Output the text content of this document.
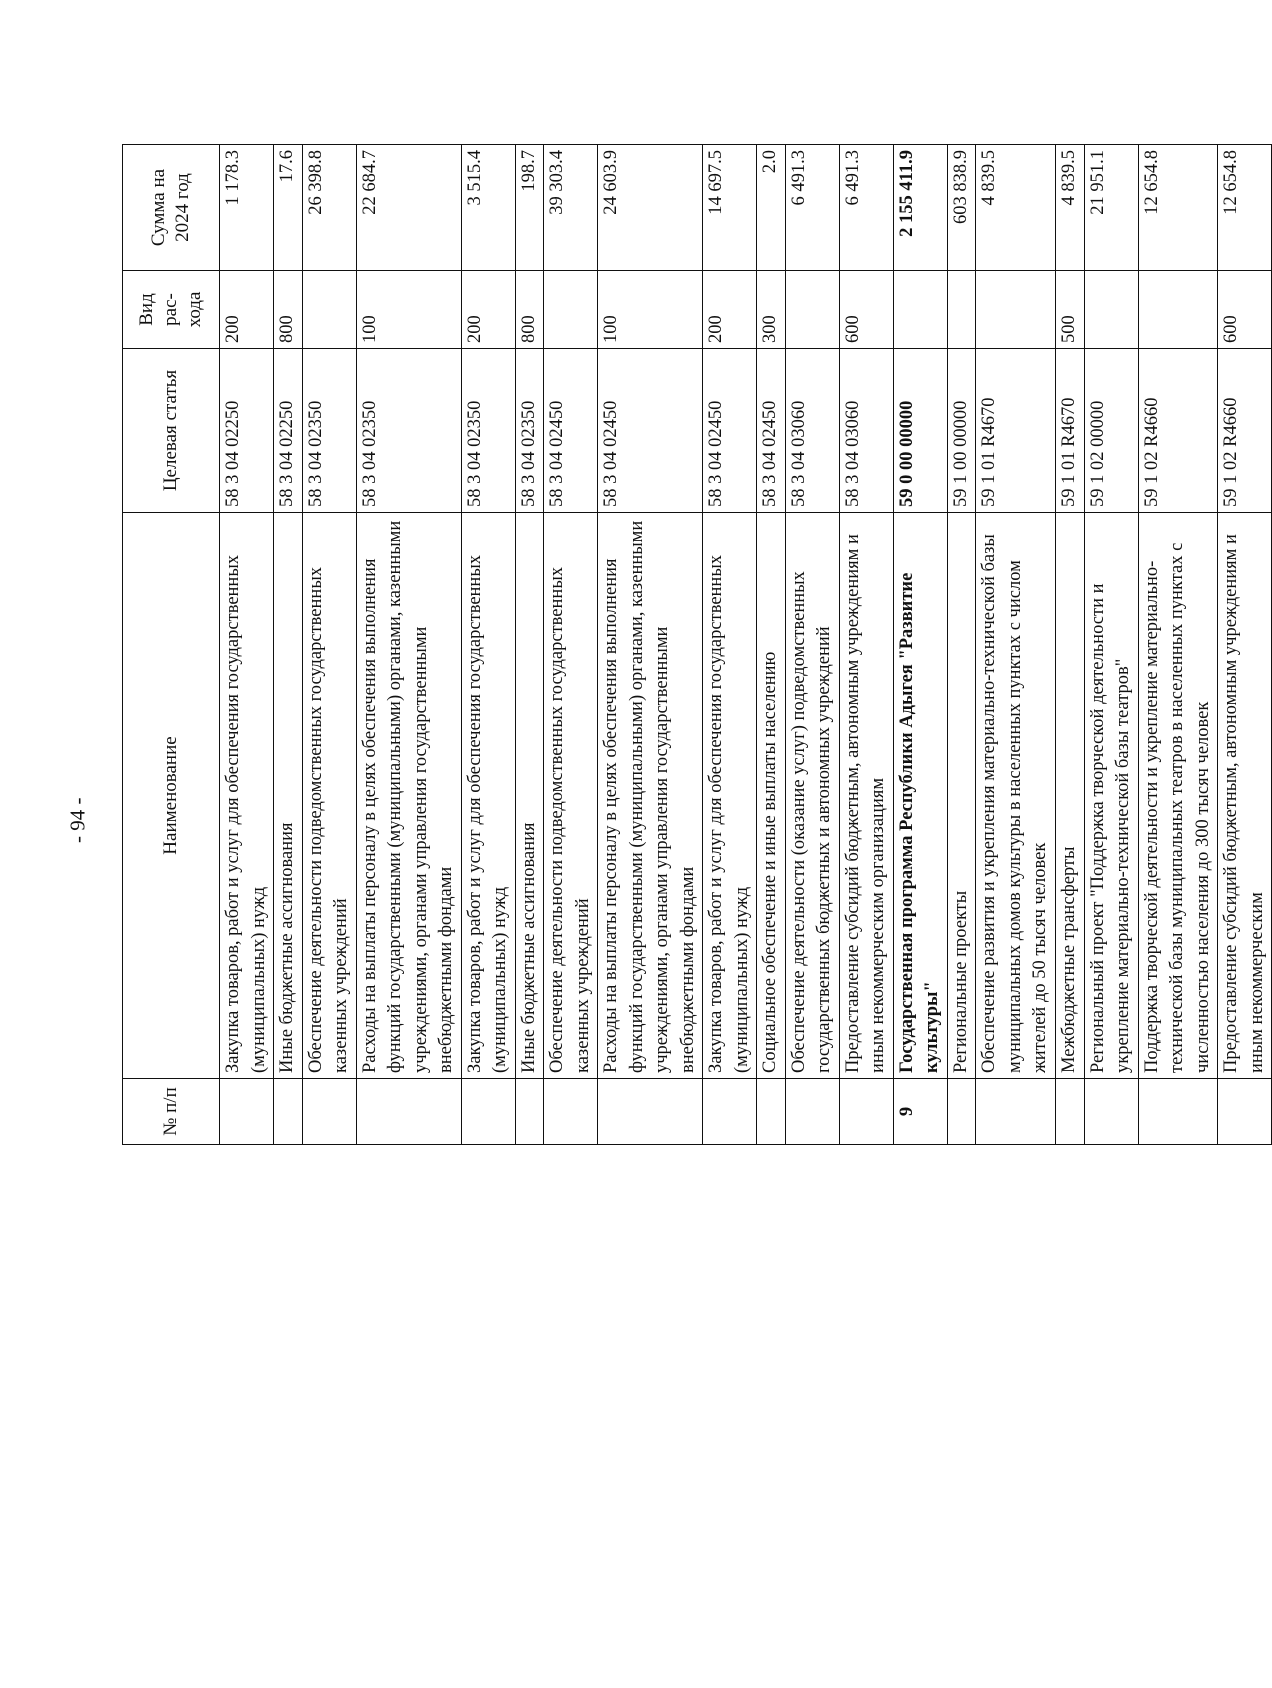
- 94 -
№ п/п	Наименование	Целевая статья	Вид рас-хода	Сумма на 2024 год
	Закупка товаров, работ и услуг для обеспечения государственных (муниципальных) нужд	58 3 04 02250	200	1 178.3
	Иные бюджетные ассигнования	58 3 04 02250	800	17.6
	Обеспечение деятельности подведомственных государственных казенных учреждений	58 3 04 02350		26 398.8
	Расходы на выплаты персоналу в целях обеспечения выполнения функций государственными (муниципальными) органами, казенными учреждениями, органами управления государственными внебюджетными фондами	58 3 04 02350	100	22 684.7
	Закупка товаров, работ и услуг для обеспечения государственных (муниципальных) нужд	58 3 04 02350	200	3 515.4
	Иные бюджетные ассигнования	58 3 04 02350	800	198.7
	Обеспечение деятельности подведомственных государственных казенных учреждений	58 3 04 02450		39 303.4
	Расходы на выплаты персоналу в целях обеспечения выполнения функций государственными (муниципальными) органами, казенными учреждениями, органами управления государственными внебюджетными фондами	58 3 04 02450	100	24 603.9
	Закупка товаров, работ и услуг для обеспечения государственных (муниципальных) нужд	58 3 04 02450	200	14 697.5
	Социальное обеспечение и иные выплаты населению	58 3 04 02450	300	2.0
	Обеспечение деятельности (оказание услуг) подведомственных государственных бюджетных и автономных учреждений	58 3 04 03060		6 491.3
	Предоставление субсидий бюджетным, автономным учреждениям и иным некоммерческим организациям	58 3 04 03060	600	6 491.3
9	Государственная программа Республики Адыгея "Развитие культуры"	59 0 00 00000		2 155 411.9
	Региональные проекты	59 1 00 00000		603 838.9
	Обеспечение развития и укрепления материально-технической базы муниципальных домов культуры в населенных пунктах с числом жителей до 50 тысяч человек	59 1 01 R4670		4 839.5
	Межбюджетные трансферты	59 1 01 R4670	500	4 839.5
	Региональный проект "Поддержка творческой деятельности и укрепление материально-технической базы театров"	59 1 02 00000		21 951.1
	Поддержка творческой деятельности и укрепление материально-технической базы муниципальных театров в населенных пунктах с численностью населения до 300 тысяч человек	59 1 02 R4660		12 654.8
	Предоставление субсидий бюджетным, автономным учреждениям и иным некоммерческим	59 1 02 R4660	600	12 654.8
